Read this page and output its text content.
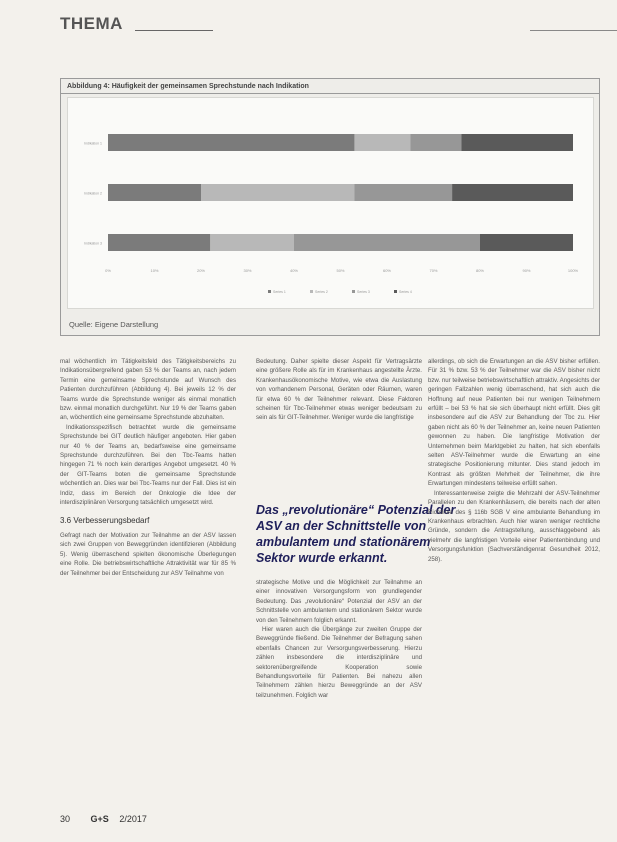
THEMA
Abbildung 4: Häufigkeit der gemeinsamen Sprechstunde nach Indikation
Indikation 1
Indikation 2
Indikation 3
0%	10%	20%	30%	40%	50%	60%	70%	80%	90%	100%
Series 1	Series 2	Series 3	Series 4
Quelle: Eigene Darstellung

mal wöchentlich im Tätigkeitsfeld des Tätigkeitsbereichs zu Indikationsübergreifend gaben 53 % der Teams an, nach jedem Termin eine gemeinsame Sprechstunde auf Wunsch des Patienten durchzuführen (Abbildung 4). Bei jeweils 12 % der Teams wurde die Sprechstunde weniger als einmal monatlich bzw. einmal monatlich durchgeführt. Nur 19 % der Teams gaben an, wöchentlich eine gemeinsame Sprechstunde abzuhalten.

Indikationsspezifisch betrachtet wurde die gemeinsame Sprechstunde bei GIT deutlich häufiger angeboten. Hier gaben nur 40 % der Teams an, bedarfsweise eine gemeinsame Sprechstunde durchzuführen. Bei den Tbc-Teams hatten hingegen 71 % noch kein derartiges Angebot umgesetzt. 40 % der GIT-Teams boten die gemeinsame Sprechstunde wöchentlich an. Dies war bei Tbc-Teams nur der Fall. Dies ist ein Indiz, dass im Bereich der Onkologie die Idee der interdisziplinären Versorgung tatsächlich umgesetzt wird.

3.6 Verbesserungsbedarf

Gefragt nach der Motivation zur Teilnahme an der ASV lassen sich zwei Gruppen von Beweggründen identifizieren (Abbildung 5). Wenig überraschend spielten ökonomische Überlegungen eine Rolle. Die betriebswirtschaftliche Attraktivität war für 85 % der Teilnehmer bei der Entscheidung zur ASV Teilnahme von

Bedeutung. Daher spielte dieser Aspekt für Vertragsärzte eine größere Rolle als für im Krankenhaus angestellte Ärzte. Krankenhausökonomische Motive, wie etwa die Auslastung von vorhandenem Personal, Geräten oder Räumen, waren für etwa 60 % der Teilnehmer relevant. Diese Faktoren scheinen für Tbc-Teilnehmer etwas weniger bedeutsam zu sein als für GIT-Teilnehmer. Weniger wurde die langfristige

Das „revolutionäre“ Potenzial der ASV an der Schnittstelle von ambulantem und stationärem Sektor wurde erkannt.

strategische Motive und die Möglichkeit zur Teilnahme an einer innovativen Versorgungsform von grundlegender Bedeutung. Das „revolutionäre“ Potenzial der ASV an der Schnittstelle von ambulantem und stationärem Sektor wurde von den Teilnehmern folglich erkannt.

Hier waren auch die Übergänge zur zweiten Gruppe der Beweggründe fließend. Die Teilnehmer der Befragung sahen ebenfalls Chancen zur Versorgungsverbesserung. Hierzu zählen insbesondere die interdisziplinäre und sektorenübergreifende Kooperation sowie Behandlungsvorteile für Patienten. Bei nahezu allen Teilnehmern zählen hierzu Beweggründe an der ASV teilzunehmen. Folglich war

allerdings, ob sich die Erwartungen an die ASV bisher erfüllen. Für 31 % bzw. 53 % der Teilnehmer war die ASV bisher nicht bzw. nur teilweise betriebswirtschaftlich attraktiv. Angesichts der geringen Fallzahlen wenig überraschend, hat sich auch die Hoffnung auf neue Patienten bei nur wenigen Teilnehmern erfüllt – bei 53 % hat sie sich überhaupt nicht erfüllt. Dies gilt insbesondere auf die ASV zur Behandlung der Tbc zu. Hier gaben nicht als 60 % der Teilnehmer an, keine neuen Patienten gewonnen zu haben. Die langfristige Motivation der Unternehmen beim Marktgebiet zu halten, hat sich ebenfalls selten ASV-Teilnehmer wurde die Erwartung an eine strategische Positionierung mitunter. Dies stand jedoch im Kontrast als größten Mehrheit der Teilnehmer, die ihre Erwartungen mindestens teilweise erfüllt sahen.

Interessanterweise zeigte die Mehrzahl der ASV-Teilnehmer Parallelen zu den Krankenhäusern, die bereits nach der alten Richtlinie des § 116b SGB V eine ambulante Behandlung im Krankenhaus erbrachten. Auch hier waren weniger rechtliche Gründe, sondern die Antragstellung, ausschlaggebend als vielmehr die langfristigen Vorteile einer Patientenbindung und Versorgungsfunktion (Sachverständigenrat Gesundheit 2012, 258).

30 G+S 2/2017
